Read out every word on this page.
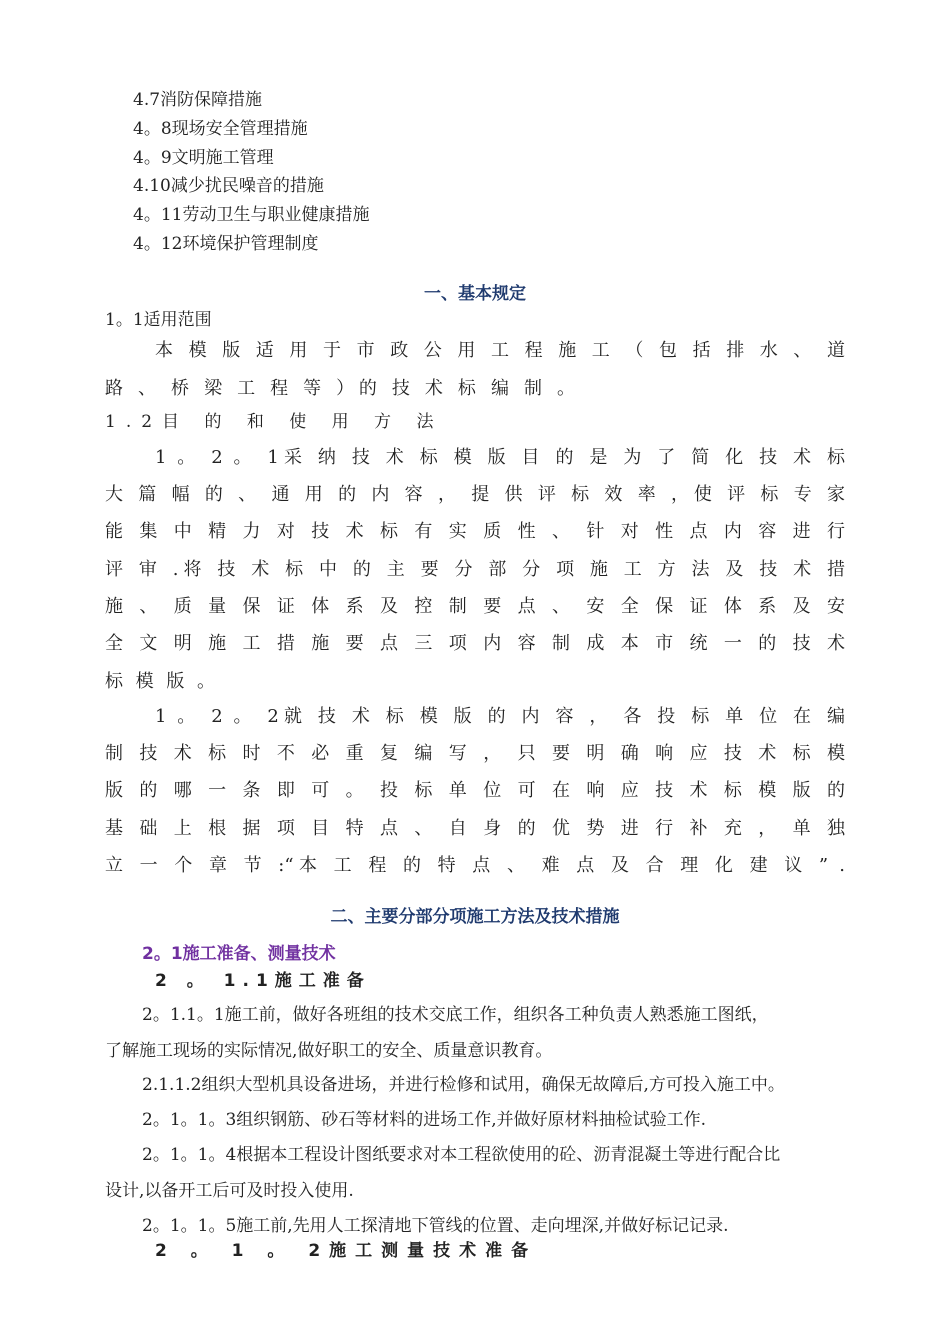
4.7消防保障措施

4。8现场安全管理措施

4。9文明施工管理

4.10减少扰民噪音的措施

4。11劳动卫生与职业健康措施

4。12环境保护管理制度

一、基本规定

1。1适用范围

本 模 版 适 用 于 市 政 公 用 工 程 施 工 （ 包 括 排 水 、 道

路 、 桥 梁 工 程 等 ）的 技 术 标 编 制 。

1.2目 的 和 使 用 方 法

1 。 2 。 1采 纳 技 术 标 模 版 目 的 是 为 了 简 化 技 术 标

大 篇 幅 的 、 通 用 的 内 容 ， 提 供 评 标 效 率 ，使 评 标 专 家

能 集 中 精 力 对 技 术 标 有 实 质 性 、 针 对 性 点 内 容 进 行

评 审 .将 技 术 标 中 的 主 要 分 部 分 项 施 工 方 法 及 技 术 措

施 、 质 量 保 证 体 系 及 控 制 要 点 、 安 全 保 证 体 系 及 安

全 文 明 施 工 措 施 要 点 三 项 内 容 制 成 本 市 统 一 的 技 术

标 模 版 。

1 。 2 。 2就 技 术 标 模 版 的 内 容 ， 各 投 标 单 位 在 编

制 技 术 标 时 不 必 重 复 编 写 ， 只 要 明 确 响 应 技 术 标 模

版 的 哪 一 条 即 可 。 投 标 单 位 可 在 响 应 技 术 标 模 版 的

基 础 上 根 据 项 目 特 点 、 自 身 的 优 势 进 行 补 充 ， 单 独

立 一 个 章 节 :“本 工 程 的 特 点 、 难 点 及 合 理 化 建 议 ” .

二、主要分部分项施工方法及技术措施

2。1施工准备、测量技术

2 。 1.1施工准备

2。1.1。1施工前，做好各班组的技术交底工作，组织各工种负责人熟悉施工图纸，

了解施工现场的实际情况,做好职工的安全、质量意识教育。

2.1.1.2组织大型机具设备进场，并进行检修和试用，确保无故障后,方可投入施工中。

2。1。1。3组织钢筋、砂石等材料的进场工作,并做好原材料抽检试验工作.

2。1。1。4根据本工程设计图纸要求对本工程欲使用的砼、沥青混凝土等进行配合比

设计,以备开工后可及时投入使用.

2。1。1。5施工前,先用人工探清地下管线的位置、走向埋深,并做好标记记录.

2 。 1 。 2施工测量技术准备
